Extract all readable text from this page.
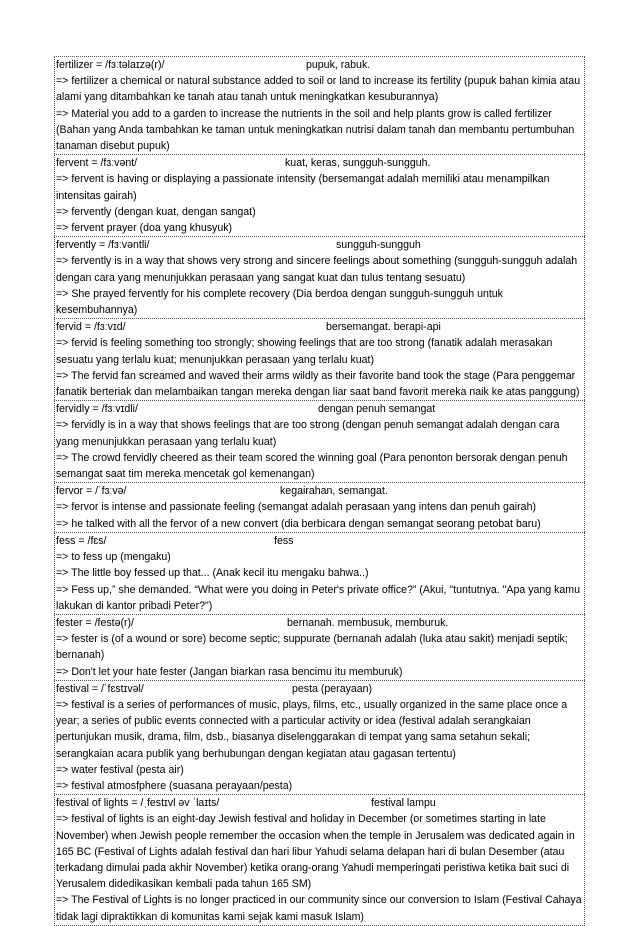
fertilizer = /fɜːtəlaɪzə(r)/	pupuk, rabuk.
=> fertilizer a chemical or natural substance added to soil or land to increase its fertility (pupuk bahan kimia atau alami yang ditambahkan ke tanah atau tanah untuk meningkatkan kesuburannya)
=> Material you add to a garden to increase the nutrients in the soil and help plants grow is called fertilizer (Bahan yang Anda tambahkan ke taman untuk meningkatkan nutrisi dalam tanah dan membantu pertumbuhan tanaman disebut pupuk)
fervent = /fɜːvənt/	kuat, keras, sungguh-sungguh.
=> fervent is having or displaying a passionate intensity (bersemangat adalah memiliki atau menampilkan intensitas gairah)
=> fervently (dengan kuat, dengan sangat)
=> fervent prayer (doa yang khusyuk)
fervently = /fɜːvəntli/	sungguh-sungguh
=> fervently is in a way that shows very strong and sincere feelings about something (sungguh-sungguh adalah dengan cara yang menunjukkan perasaan yang sangat kuat dan tulus tentang sesuatu)
=> She prayed fervently for his complete recovery (Dia berdoa dengan sungguh-sungguh untuk kesembuhannya)
fervid = /fɜːvɪd/	bersemangat. berapi-api
=> fervid is feeling something too strongly; showing feelings that are too strong (fanatik adalah merasakan sesuatu yang terlalu kuat; menunjukkan perasaan yang terlalu kuat)
=> The fervid fan screamed and waved their arms wildly as their favorite band took the stage (Para penggemar fanatik berteriak dan melambaikan tangan mereka dengan liar saat band favorit mereka naik ke atas panggung)
fervidly = /fɜːvɪdli/	dengan penuh semangat
=> fervidly is in a way that shows feelings that are too strong (dengan penuh semangat adalah dengan cara yang menunjukkan perasaan yang terlalu kuat)
=> The crowd fervidly cheered as their team scored the winning goal (Para penonton bersorak dengan penuh semangat saat tim mereka mencetak gol kemenangan)
fervor = /ˈfɜːvə/	kegairahan, semangat.
=> fervor is intense and passionate feeling (semangat adalah perasaan yang intens dan penuh gairah)
=> he talked with all the fervor of a new convert (dia berbicara dengan semangat seorang petobat baru)
fess = /fɛs/	fess
=> to fess up (mengaku)
=> The little boy fessed up that... (Anak kecil itu mengaku bahwa..)
=> Fess up,” she demanded. “What were you doing in Peter's private office?” (Akui, "tuntutnya. "Apa yang kamu lakukan di kantor pribadi Peter?")
fester = /festə(r)/	bernanah. membusuk, memburuk.
=> fester is (of a wound or sore) become septic; suppurate (bernanah adalah (luka atau sakit) menjadi septik; bernanah)
=> Don't let your hate fester (Jangan biarkan rasa bencimu itu memburuk)
festival = /ˈfɛstɪvəl/	pesta (perayaan)
=> festival is a series of performances of music, plays, films, etc., usually organized in the same place once a year; a series of public events connected with a particular activity or idea (festival adalah serangkaian pertunjukan musik, drama, film, dsb., biasanya diselenggarakan di tempat yang sama setahun sekali; serangkaian acara publik yang berhubungan dengan kegiatan atau gagasan tertentu)
=> water festival (pesta air)
=> festival atmosfphere (suasana perayaan/pesta)
festival of lights = /ˌfestɪvl əv ˈlaɪts/	festival lampu
=> festival of lights is an eight-day Jewish festival and holiday in December (or sometimes starting in late November) when Jewish people remember the occasion when the temple in Jerusalem was dedicated again in 165 BC (Festival of Lights adalah festival dan hari libur Yahudi selama delapan hari di bulan Desember (atau terkadang dimulai pada akhir November) ketika orang-orang Yahudi memperingati peristiwa ketika bait suci di Yerusalem didedikasikan kembali pada tahun 165 SM)
=> The Festival of Lights is no longer practiced in our community since our conversion to Islam (Festival Cahaya tidak lagi dipraktikkan di komunitas kami sejak kami masuk Islam)
